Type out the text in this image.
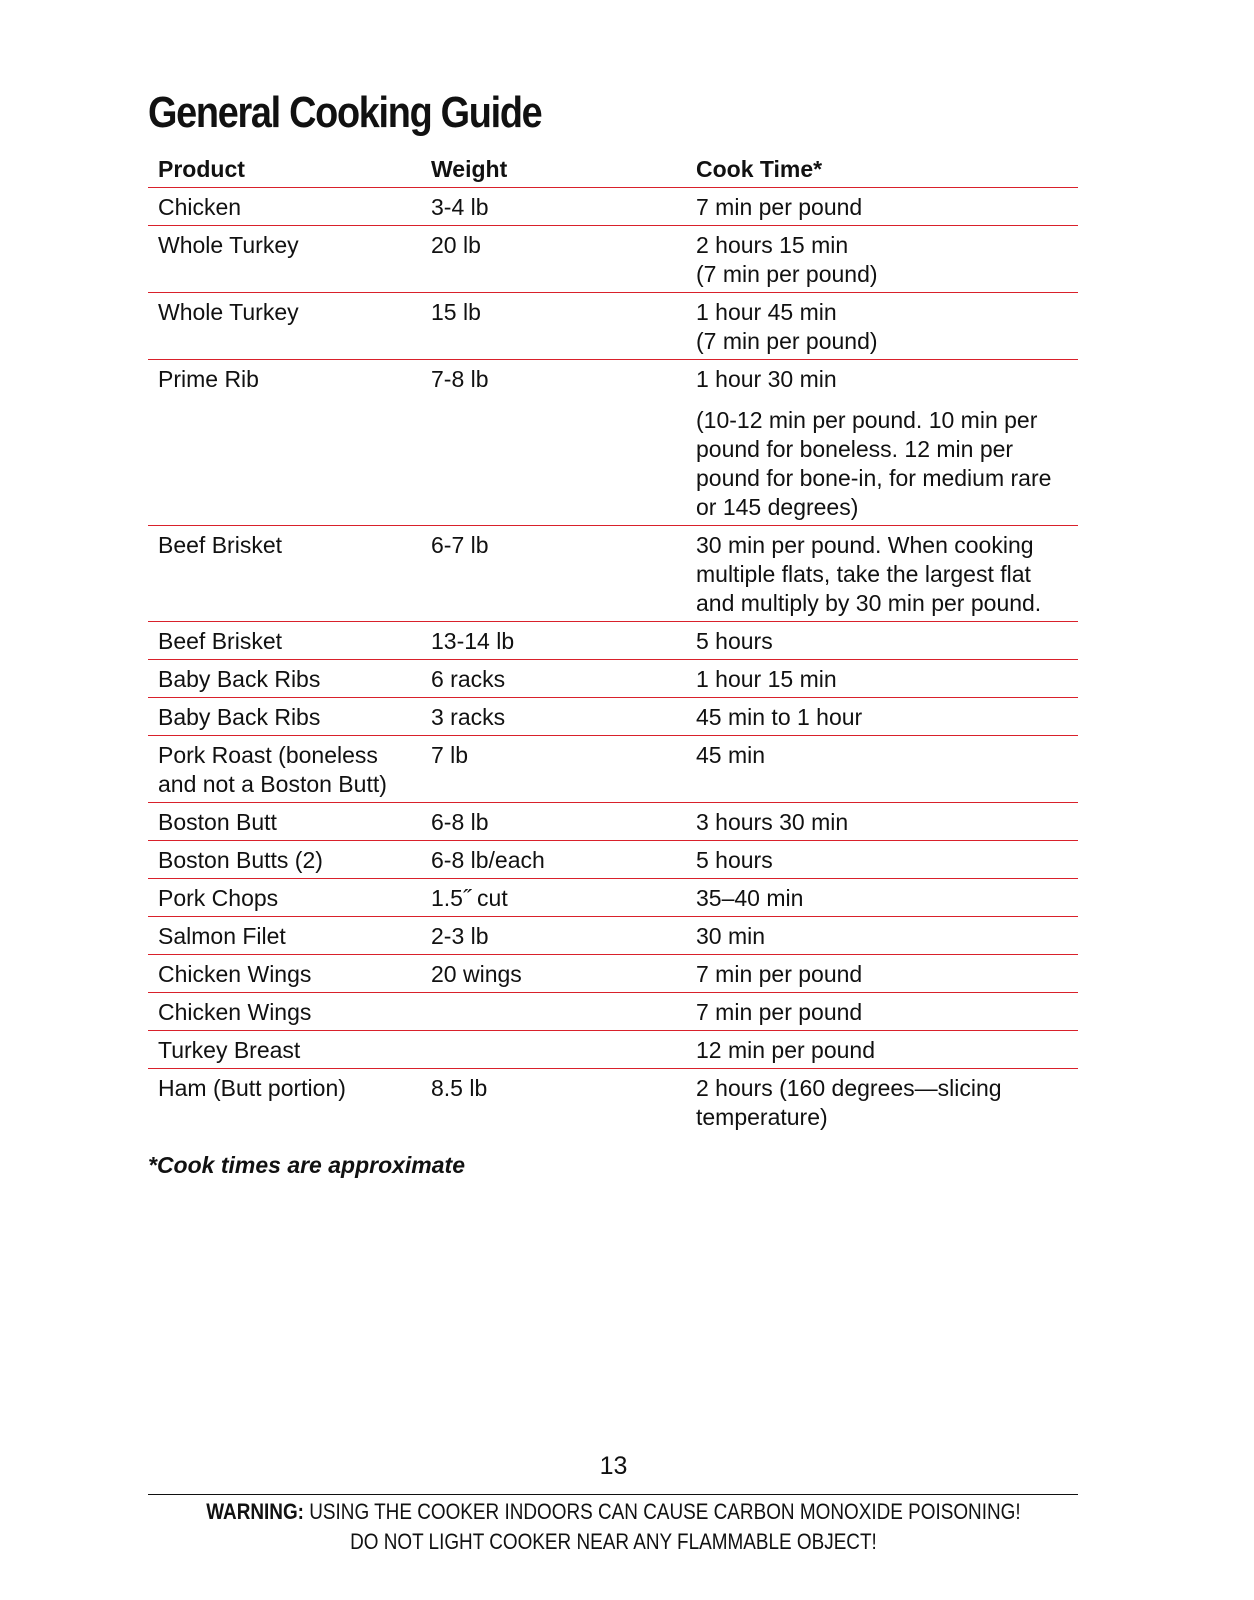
General Cooking Guide
Product	Weight	Cook Time*

Chicken	3-4 lb	7 min per pound

Whole Turkey	20 lb	2 hours 15 min
(7 min per pound)

Whole Turkey	15 lb	1 hour 45 min
(7 min per pound)

Prime Rib	7-8 lb	1 hour 30 min
(10-12 min per pound. 10 min per pound for boneless. 12 min per pound for bone-in, for medium rare or 145 degrees)

Beef Brisket	6-7 lb	30 min per pound. When cooking multiple flats, take the largest flat and multiply by 30 min per pound.

Beef Brisket	13-14 lb	5 hours

Baby Back Ribs	6 racks	1 hour 15 min

Baby Back Ribs	3 racks	45 min to 1 hour

Pork Roast (boneless
and not a Boston Butt)	7 lb	45 min

Boston Butt	6-8 lb	3 hours 30 min

Boston Butts (2)	6-8 lb/each	5 hours

Pork Chops	1.5˝ cut	35–40 min

Salmon Filet	2-3 lb	30 min

Chicken Wings	20 wings	7 min per pound

Chicken Wings		7 min per pound

Turkey Breast		12 min per pound

Ham (Butt portion)	8.5 lb	2 hours (160 degrees—slicing temperature)
*Cook times are approximate
13
WARNING: USING THE COOKER INDOORS CAN CAUSE CARBON MONOXIDE POISONING!
DO NOT LIGHT COOKER NEAR ANY FLAMMABLE OBJECT!
